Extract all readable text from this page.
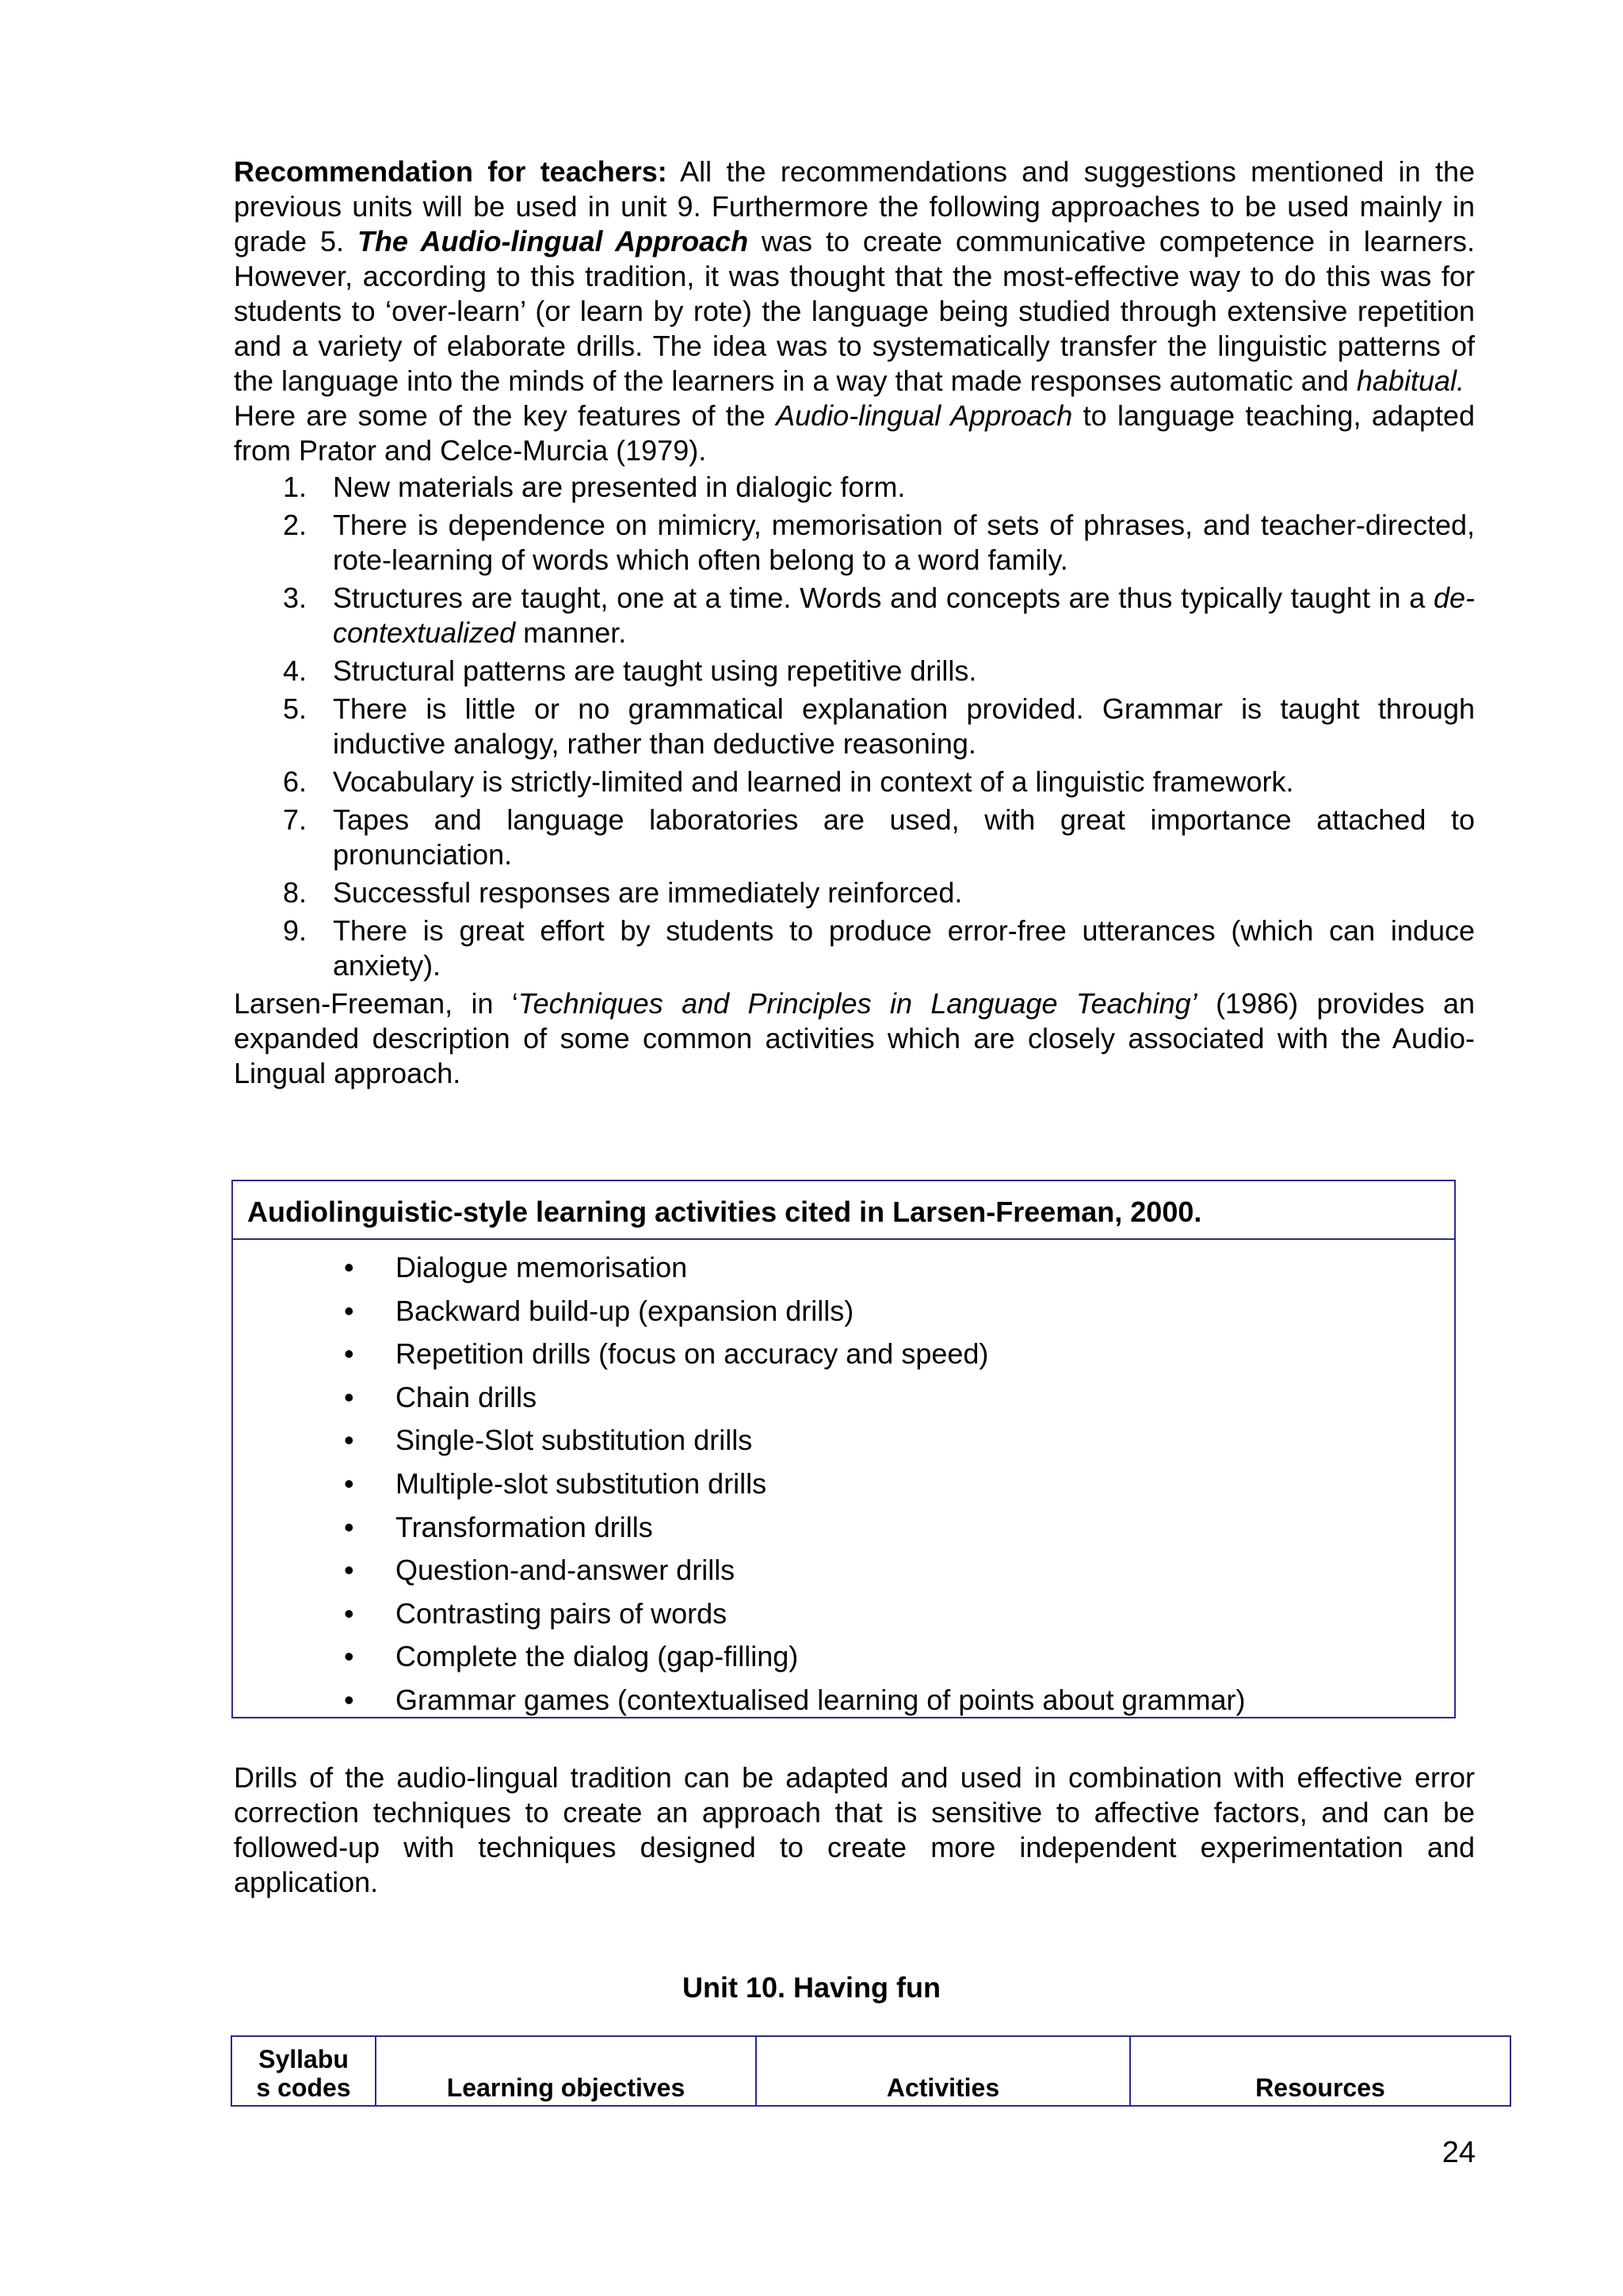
Recommendation for teachers: All the recommendations and suggestions mentioned in the previous units will be used in unit 9. Furthermore the following approaches to be used mainly in grade 5. The Audio-lingual Approach was to create communicative competence in learners. However, according to this tradition, it was thought that the most-effective way to do this was for students to ‘over-learn’ (or learn by rote) the language being studied through extensive repetition and a variety of elaborate drills. The idea was to systematically transfer the linguistic patterns of the language into the minds of the learners in a way that made responses automatic and habitual.

Here are some of the key features of the Audio-lingual Approach to language teaching, adapted from Prator and Celce-Murcia (1979).

1. New materials are presented in dialogic form.
2. There is dependence on mimicry, memorisation of sets of phrases, and teacher-directed, rote-learning of words which often belong to a word family.
3. Structures are taught, one at a time. Words and concepts are thus typically taught in a de-contextualized manner.
4. Structural patterns are taught using repetitive drills.
5. There is little or no grammatical explanation provided. Grammar is taught through inductive analogy, rather than deductive reasoning.
6. Vocabulary is strictly-limited and learned in context of a linguistic framework.
7. Tapes and language laboratories are used, with great importance attached to pronunciation.
8. Successful responses are immediately reinforced.
9. There is great effort by students to produce error-free utterances (which can induce anxiety).

Larsen-Freeman, in ‘Techniques and Principles in Language Teaching’ (1986) provides an expanded description of some common activities which are closely associated with the Audio-Lingual approach.

Audiolinguistic-style learning activities cited in Larsen-Freeman, 2000.
• Dialogue memorisation
• Backward build-up (expansion drills)
• Repetition drills (focus on accuracy and speed)
• Chain drills
• Single-Slot substitution drills
• Multiple-slot substitution drills
• Transformation drills
• Question-and-answer drills
• Contrasting pairs of words
• Complete the dialog (gap-filling)
• Grammar games (contextualised learning of points about grammar)

Drills of the audio-lingual tradition can be adapted and used in combination with effective error correction techniques to create an approach that is sensitive to affective factors, and can be followed-up with techniques designed to create more independent experimentation and application.

Unit 10. Having fun
Syllabu
s codes	Learning objectives	Activities	Resources
24
